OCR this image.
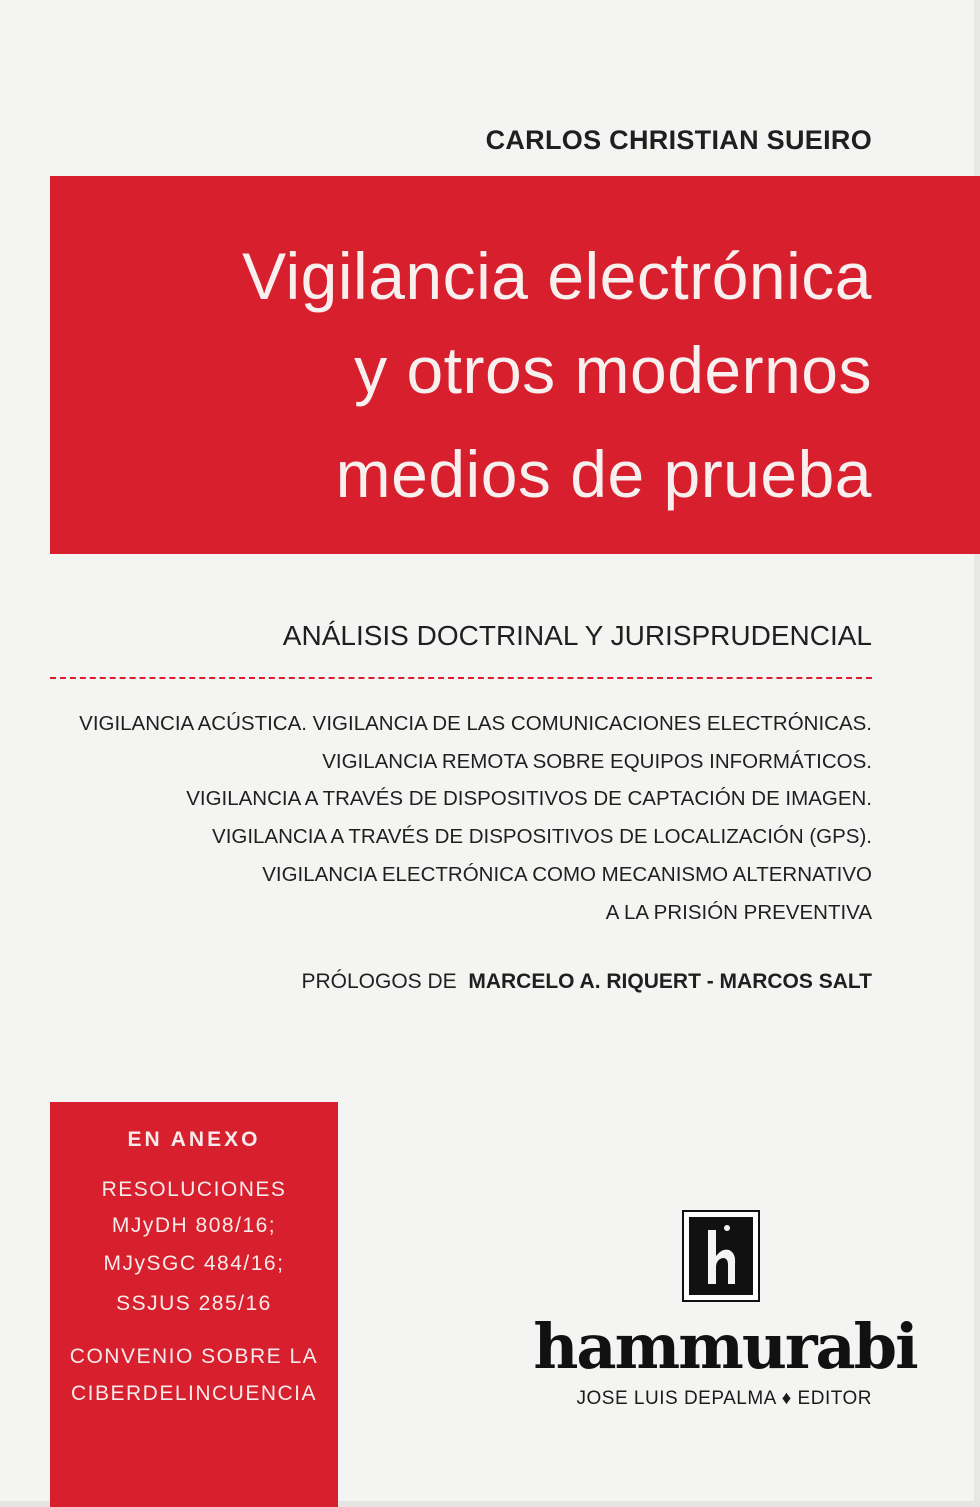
CARLOS CHRISTIAN SUEIRO
Vigilancia electrónica
y otros modernos
medios de prueba
ANÁLISIS DOCTRINAL Y JURISPRUDENCIAL
VIGILANCIA ACÚSTICA. VIGILANCIA DE LAS COMUNICACIONES ELECTRÓNICAS.
VIGILANCIA REMOTA SOBRE EQUIPOS INFORMÁTICOS.
VIGILANCIA A TRAVÉS DE DISPOSITIVOS DE CAPTACIÓN DE IMAGEN.
VIGILANCIA A TRAVÉS DE DISPOSITIVOS DE LOCALIZACIÓN (GPS).
VIGILANCIA ELECTRÓNICA COMO MECANISMO ALTERNATIVO
A LA PRISIÓN PREVENTIVA
PRÓLOGOS DE MARCELO A. RIQUERT - MARCOS SALT
EN ANEXO
RESOLUCIONES
MJyDH 808/16;
MJySGC 484/16;
SSJUS 285/16
CONVENIO SOBRE LA
CIBERDELINCUENCIA
hammurabi
JOSE LUIS DEPALMA ♦ EDITOR
